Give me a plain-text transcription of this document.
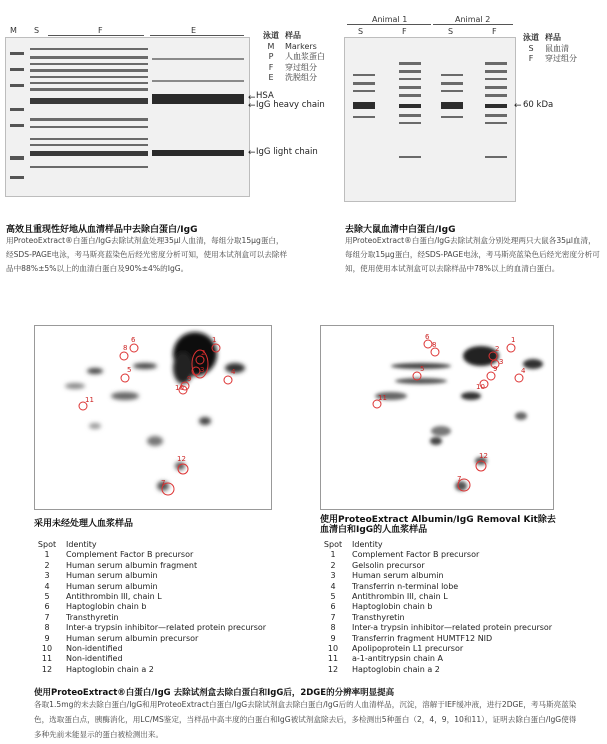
M S	F	E
泳道 样品
M	Markers
P	人血浆蛋白
F	穿过组分
E	洗脱组分
← HSA
← IgG heavy chain
← IgG light chain
Animal 1	Animal 2
S	F	S	F
泳道 样品
S	鼠血清
F	穿过组分
← 60 kDa
高效且重现性好地从血清样品中去除白蛋白/IgG

用ProteoExtract®白蛋白/IgG去除试剂盒处理35μl人血清，每组分取15μg蛋白，经SDS-PAGE电泳，考马斯亮蓝染色后经光密度分析可知，使用本试剂盒可以去除样品中88%±5%以上的血清白蛋白及90%±4%的IgG。

去除大鼠血清中白蛋白/IgG

用ProteoExtract®白蛋白/IgG去除试剂盒分别处理两只大鼠各35μl血清，每组分取15μg蛋白，经SDS-PAGE电泳，考马斯亮蓝染色后经光密度分析可知，使用使用本试剂盒可以去除样品中78%以上的血清白蛋白。

1
2
3	4
5
6
7
8
9
10
11
12
1
2
3
4
5
6
7
8
9
10
11
12
采用未经处理人血浆样品	使用ProteoExtract Albumin/IgG Removal Kit除去
血清白和IgG的人血浆样品
Spot	Identity
1	Complement Factor B precursor
2	Human serum albumin fragment
3	Human serum albumin
4	Human serum albumin
5	Antithrombin III, chain L
6	Haptoglobin chain b
7	Transthyretin
8	Inter-a trypsin inhibitor—related protein precursor
9	Human serum albumin precursor
10	Non-identified
11	Non-identified
12	Haptoglobin chain a 2
Spot	Identity
1	Complement Factor B precursor
2	Gelsolin precursor
3	Human serum albumin
4	Transferrin n-terminal lobe
5	Antithrombin III, chain L
6	Haptoglobin chain b
7	Transthyretin
8	Inter-a trypsin inhibitor—related protein precursor
9	Transferrin fragment HUMTF12 NID
10	Apolipoprotein L1 precursor
11	a-1-antitrypsin chain A
12	Haptoglobin chain a 2
使用ProteoExtract®白蛋白/IgG 去除试剂盒去除白蛋白和IgG后，2DGE的分辨率明显提高

各取1.5mg的未去除白蛋白/IgG和用ProteoExtract白蛋白/IgG去除试剂盒去除白蛋白/IgG后的人血清样品，沉淀，溶解于IEF缓冲液，进行2DGE，考马斯亮蓝染色，选取蛋白点，胰酶消化，用LC/MS鉴定，当样品中高丰度的白蛋白和IgG被试剂盒除去后，多检测出5种蛋白（2，4，9，10和11），证明去除白蛋白/IgG使得多种先前未能显示的蛋白被检测出来。
